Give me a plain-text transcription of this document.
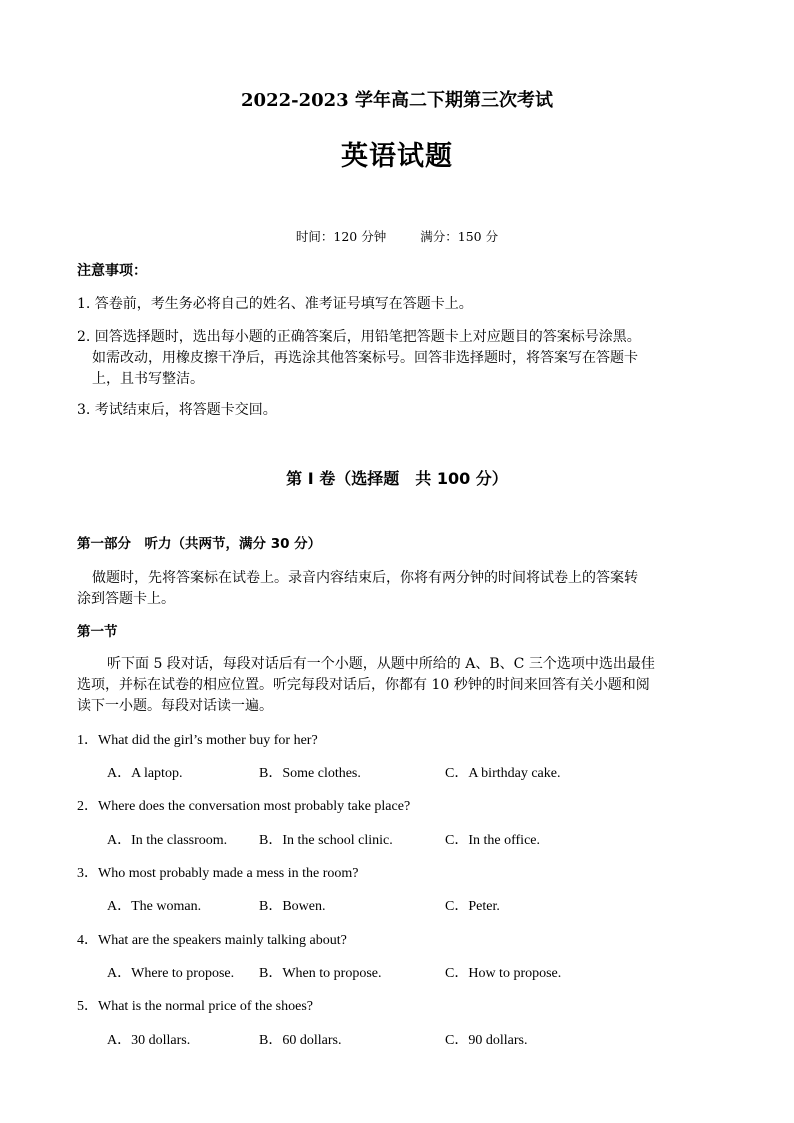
2022-2023 学年高二下期第三次考试
英语试题
时间：120 分钟	满分：150 分
注意事项：
1. 答卷前，考生务必将自己的姓名、准考证号填写在答题卡上。
2. 回答选择题时，选出每小题的正确答案后，用铅笔把答题卡上对应题目的答案标号涂黑。
如需改动，用橡皮擦干净后，再选涂其他答案标号。回答非选择题时，将答案写在答题卡
上，且书写整洁。
3. 考试结束后，将答题卡交回。
第 I 卷（选择题　共 100 分）
第一部分　听力（共两节，满分 30 分）
做题时，先将答案标在试卷上。录音内容结束后，你将有两分钟的时间将试卷上的答案转
涂到答题卡上。
第一节
听下面 5 段对话，每段对话后有一个小题，从题中所给的 A、B、C 三个选项中选出最佳
选项，并标在试卷的相应位置。听完每段对话后，你都有 10 秒钟的时间来回答有关小题和阅
读下一小题。每段对话读一遍。
1．What did the girl’s mother buy for her?
A．A laptop.	B．Some clothes.	C．A birthday cake.
2．Where does the conversation most probably take place?
A．In the classroom. B．In the school clinic.	C．In the office.
3．Who most probably made a mess in the room?
A．The woman.	B．Bowen.	C．Peter.
4．What are the speakers mainly talking about?
A．Where to propose. B．When to propose.	C．How to propose.
5．What is the normal price of the shoes?
A．30 dollars.	B．60 dollars.	C．90 dollars.
